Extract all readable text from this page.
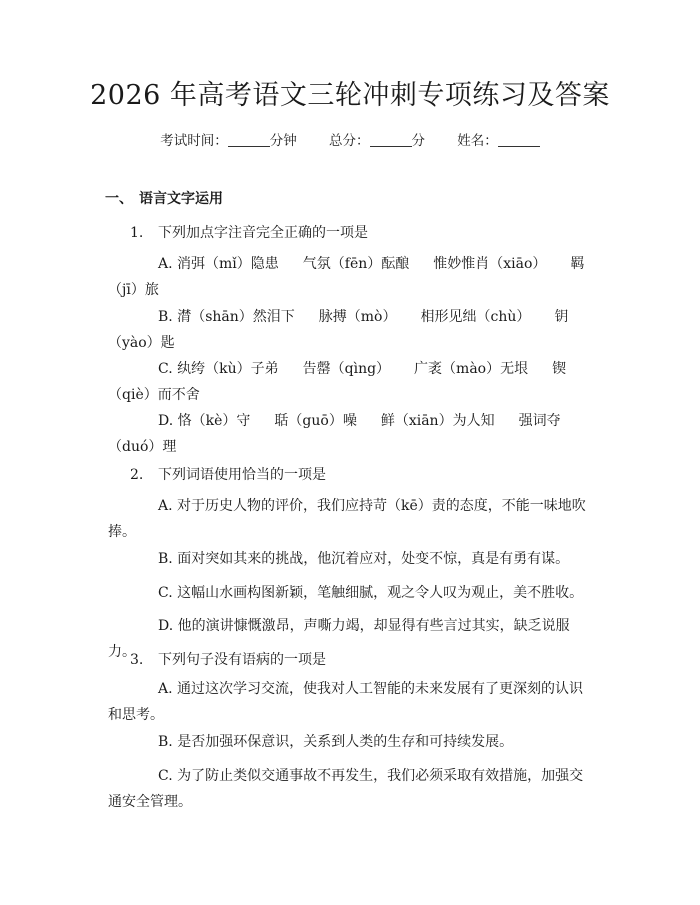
2026 年高考语文三轮冲刺专项练习及答案
考试时间：	分钟 总分：	分 姓名：
一、 语言文字运用
1. 下列加点字注音完全正确的一项是
A. 消弭（mǐ）隐患 气氛（fēn）酝酿 惟妙惟肖（xiāo） 羁（jī）旅
B. 潸（shān）然泪下 脉搏（mò） 相形见绌（chù） 钥（yào）匙
C. 纨绔（kù）子弟 告罄（qìng） 广袤（mào）无垠 锲（qiè）而不舍
D. 恪（kè）守 聒（guō）噪 鲜（xiān）为人知 强词夺（duó）理
2. 下列词语使用恰当的一项是
A. 对于历史人物的评价，我们应持苛（kē）责的态度，不能一味地吹捧。
B. 面对突如其来的挑战，他沉着应对，处变不惊，真是有勇有谋。
C. 这幅山水画构图新颖，笔触细腻，观之令人叹为观止，美不胜收。
D. 他的演讲慷慨激昂，声嘶力竭，却显得有些言过其实，缺乏说服力。
3. 下列句子没有语病的一项是
A. 通过这次学习交流，使我对人工智能的未来发展有了更深刻的认识和思考。
B. 是否加强环保意识，关系到人类的生存和可持续发展。
C. 为了防止类似交通事故不再发生，我们必须采取有效措施，加强交通安全管理。
